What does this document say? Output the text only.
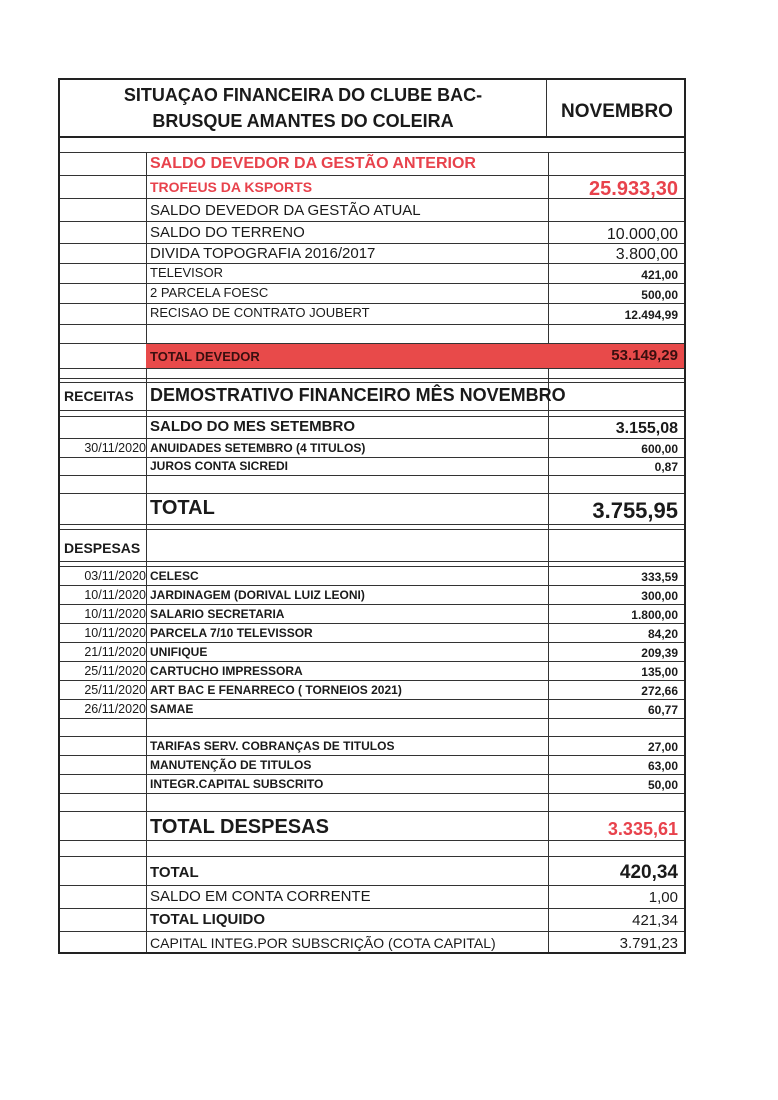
SITUAÇAO FINANCEIRA DO CLUBE BAC-
BRUSQUE AMANTES DO COLEIRA	NOVEMBRO
SALDO DEVEDOR DA GESTÃO ANTERIOR
TROFEUS DA KSPORTS	25.933,30
SALDO DEVEDOR DA GESTÃO ATUAL
SALDO DO TERRENO	10.000,00
DIVIDA TOPOGRAFIA 2016/2017	3.800,00
TELEVISOR	421,00
2 PARCELA FOESC	500,00
RECISAO DE CONTRATO JOUBERT	12.494,99
TOTAL DEVEDOR	53.149,29
RECEITAS DEMOSTRATIVO FINANCEIRO MÊS NOVEMBRO
SALDO DO MES SETEMBRO	3.155,08
30/11/2020 ANUIDADES SETEMBRO (4 TITULOS)	600,00
JUROS CONTA SICREDI	0,87
TOTAL	3.755,95
DESPESAS
03/11/2020 CELESC	333,59
10/11/2020 JARDINAGEM (DORIVAL LUIZ LEONI)	300,00
10/11/2020 SALARIO SECRETARIA	1.800,00
10/11/2020 PARCELA 7/10 TELEVISSOR	84,20
21/11/2020 UNIFIQUE	209,39
25/11/2020 CARTUCHO IMPRESSORA	135,00
25/11/2020 ART BAC E FENARRECO ( TORNEIOS 2021)	272,66
26/11/2020 SAMAE	60,77
TARIFAS SERV. COBRANÇAS DE TITULOS	27,00
MANUTENÇÃO DE TITULOS	63,00
INTEGR.CAPITAL SUBSCRITO	50,00
TOTAL DESPESAS	3.335,61
TOTAL	420,34
SALDO EM CONTA CORRENTE	1,00
TOTAL LIQUIDO	421,34
CAPITAL INTEG.POR SUBSCRIÇÃO (COTA CAPITAL)	3.791,23
